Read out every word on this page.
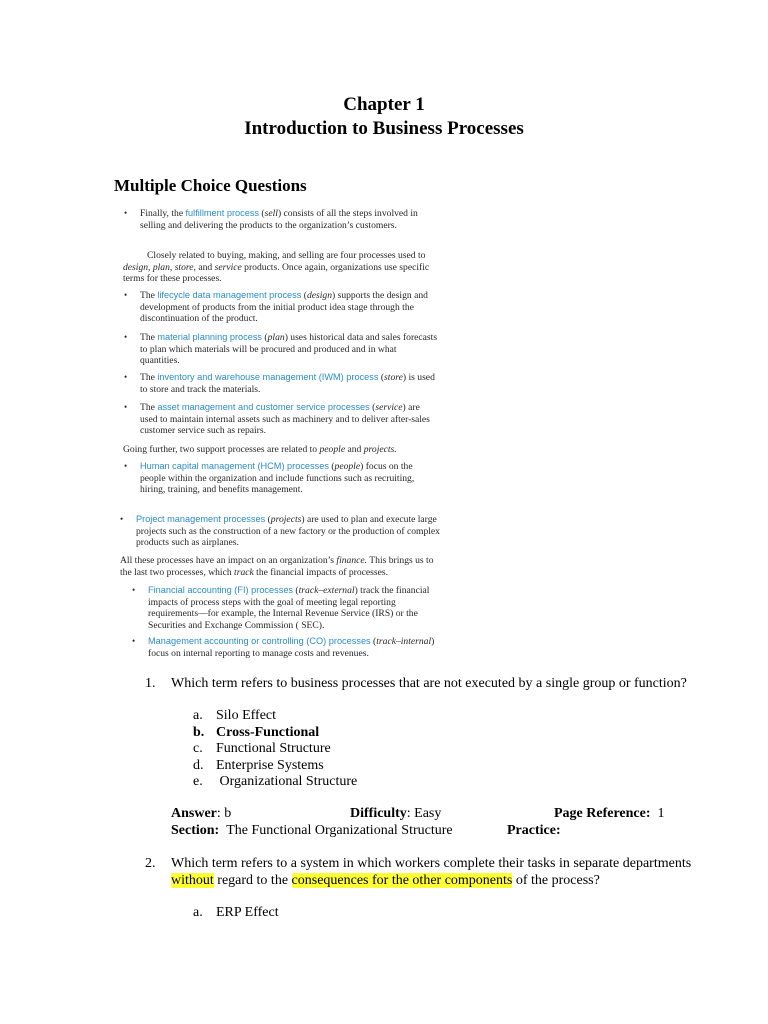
Chapter 1
Introduction to Business Processes
Multiple Choice Questions
• Finally, the fulfillment process (sell) consists of all the steps involved in selling and delivering the products to the organization’s customers.
Closely related to buying, making, and selling are four processes used to design, plan, store, and service products. Once again, organizations use specific terms for these processes.
• The lifecycle data management process (design) supports the design and development of products from the initial product idea stage through the discontinuation of the product.
• The material planning process (plan) uses historical data and sales forecasts to plan which materials will be procured and produced and in what quantities.
• The inventory and warehouse management (IWM) process (store) is used to store and track the materials.
• The asset management and customer service processes (service) are used to maintain internal assets such as machinery and to deliver after-sales customer service such as repairs.
Going further, two support processes are related to people and projects.
• Human capital management (HCM) processes (people) focus on the people within the organization and include functions such as recruiting, hiring, training, and benefits management.
• Project management processes (projects) are used to plan and execute large projects such as the construction of a new factory or the production of complex products such as airplanes.
All these processes have an impact on an organization’s finance. This brings us to the last two processes, which track the financial impacts of processes.
• Financial accounting (FI) processes (track–external) track the financial impacts of process steps with the goal of meeting legal reporting requirements—for example, the Internal Revenue Service (IRS) or the Securities and Exchange Commission ( SEC).
• Management accounting or controlling (CO) processes (track–internal) focus on internal reporting to manage costs and revenues.
1. Which term refers to business processes that are not executed by a single group or function?
a. Silo Effect
b. Cross-Functional
c. Functional Structure
d. Enterprise Systems
e. Organizational Structure
Answer: b	Difficulty: Easy	Page Reference: 1
Section: The Functional Organizational Structure	Practice:
2. Which term refers to a system in which workers complete their tasks in separate departments
without regard to the consequences for the other components of the process?
a. ERP Effect
